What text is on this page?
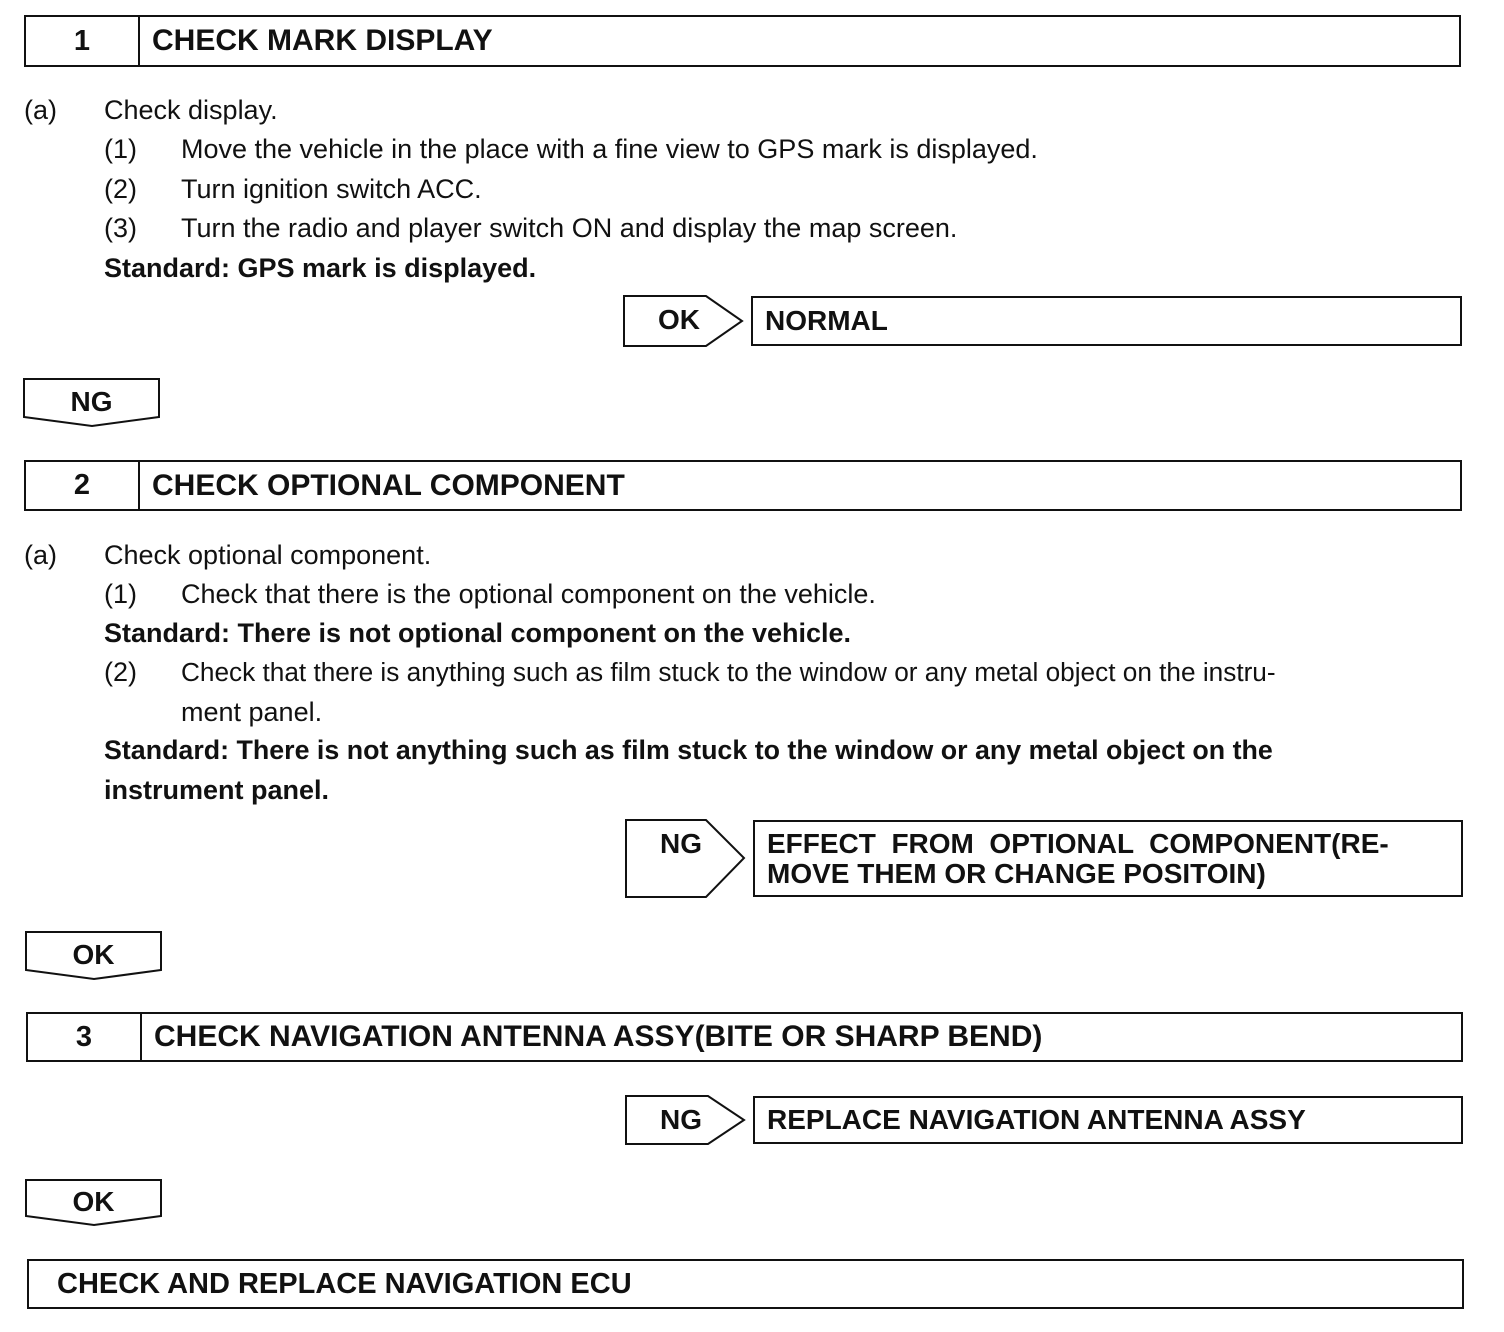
1	CHECK MARK DISPLAY
(a) Check display.
(1) Move the vehicle in the place with a fine view to GPS mark is displayed.
(2) Turn ignition switch ACC.
(3) Turn the radio and player switch ON and display the map screen.
Standard: GPS mark is displayed.
OK	NORMAL
NG
2	CHECK OPTIONAL COMPONENT
(a) Check optional component.
(1) Check that there is the optional component on the vehicle.
Standard: There is not optional component on the vehicle.
(2) Check that there is anything such as film stuck to the window or any metal object on the instru-
ment panel.
Standard: There is not anything such as film stuck to the window or any metal object on the
instrument panel.
NG	EFFECT  FROM  OPTIONAL  COMPONENT(RE-
MOVE THEM OR CHANGE POSITOIN)
OK
3	CHECK NAVIGATION ANTENNA ASSY(BITE OR SHARP BEND)
NG	REPLACE NAVIGATION ANTENNA ASSY
OK
CHECK AND REPLACE NAVIGATION ECU
